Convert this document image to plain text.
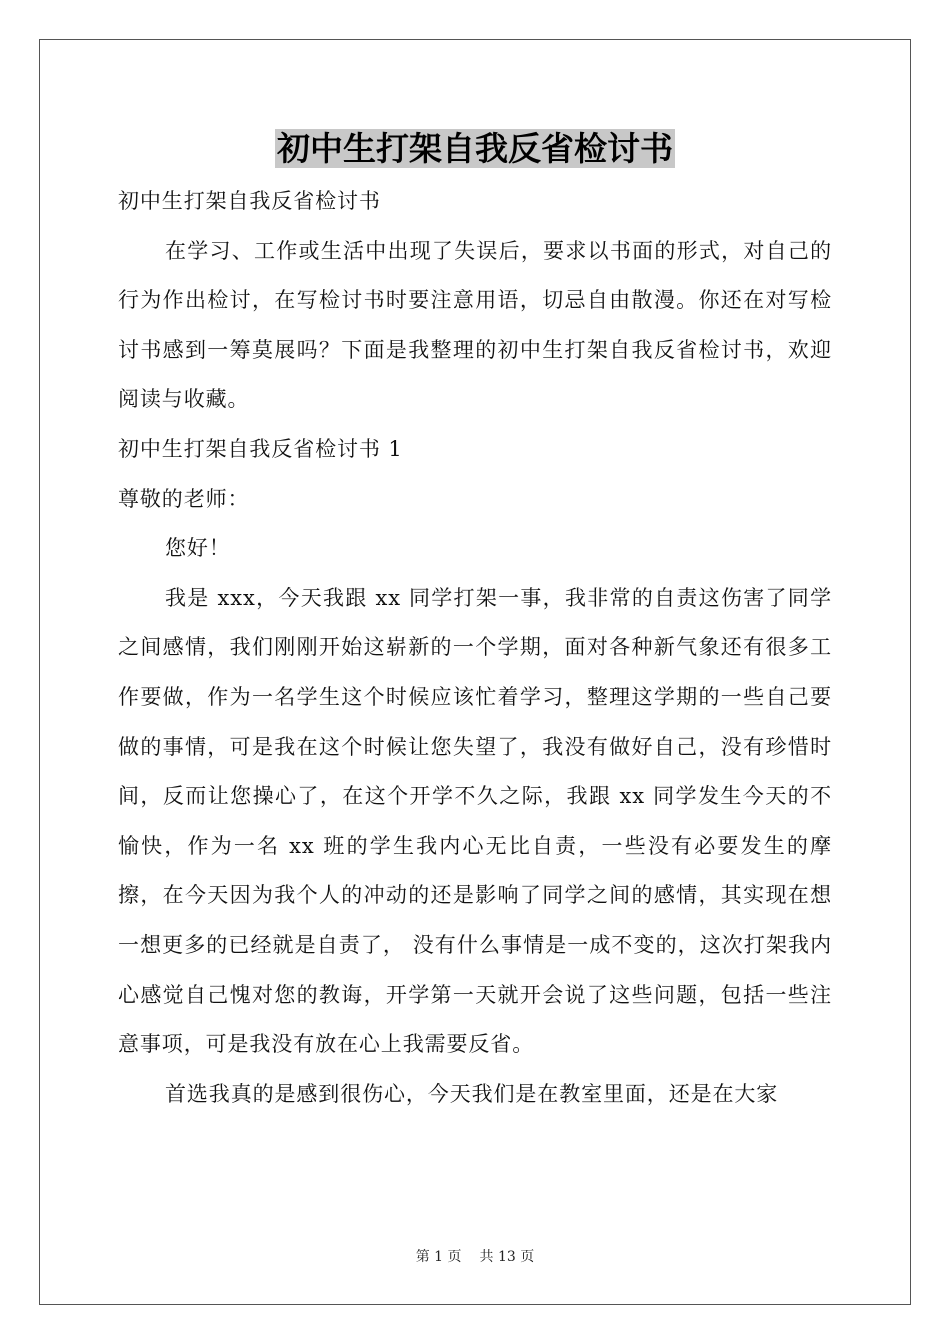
初中生打架自我反省检讨书

初中生打架自我反省检讨书

在学习、工作或生活中出现了失误后，要求以书面的形式，对自己的行为作出检讨，在写检讨书时要注意用语，切忌自由散漫。你还在对写检讨书感到一筹莫展吗？下面是我整理的初中生打架自我反省检讨书，欢迎阅读与收藏。

初中生打架自我反省检讨书 1

尊敬的老师：

您好！

我是 xxx，今天我跟 xx 同学打架一事，我非常的自责这伤害了同学之间感情，我们刚刚开始这崭新的一个学期，面对各种新气象还有很多工作要做，作为一名学生这个时候应该忙着学习，整理这学期的一些自己要做的事情，可是我在这个时候让您失望了，我没有做好自己，没有珍惜时间，反而让您操心了，在这个开学不久之际，我跟 xx 同学发生今天的不愉快，作为一名 xx 班的学生我内心无比自责，一些没有必要发生的摩擦，在今天因为我个人的冲动的还是影响了同学之间的感情，其实现在想一想更多的已经就是自责了， 没有什么事情是一成不变的，这次打架我内心感觉自己愧对您的教诲，开学第一天就开会说了这些问题，包括一些注意事项，可是我没有放在心上我需要反省。

首选我真的是感到很伤心，今天我们是在教室里面，还是在大家

第 1 页 共 13 页
